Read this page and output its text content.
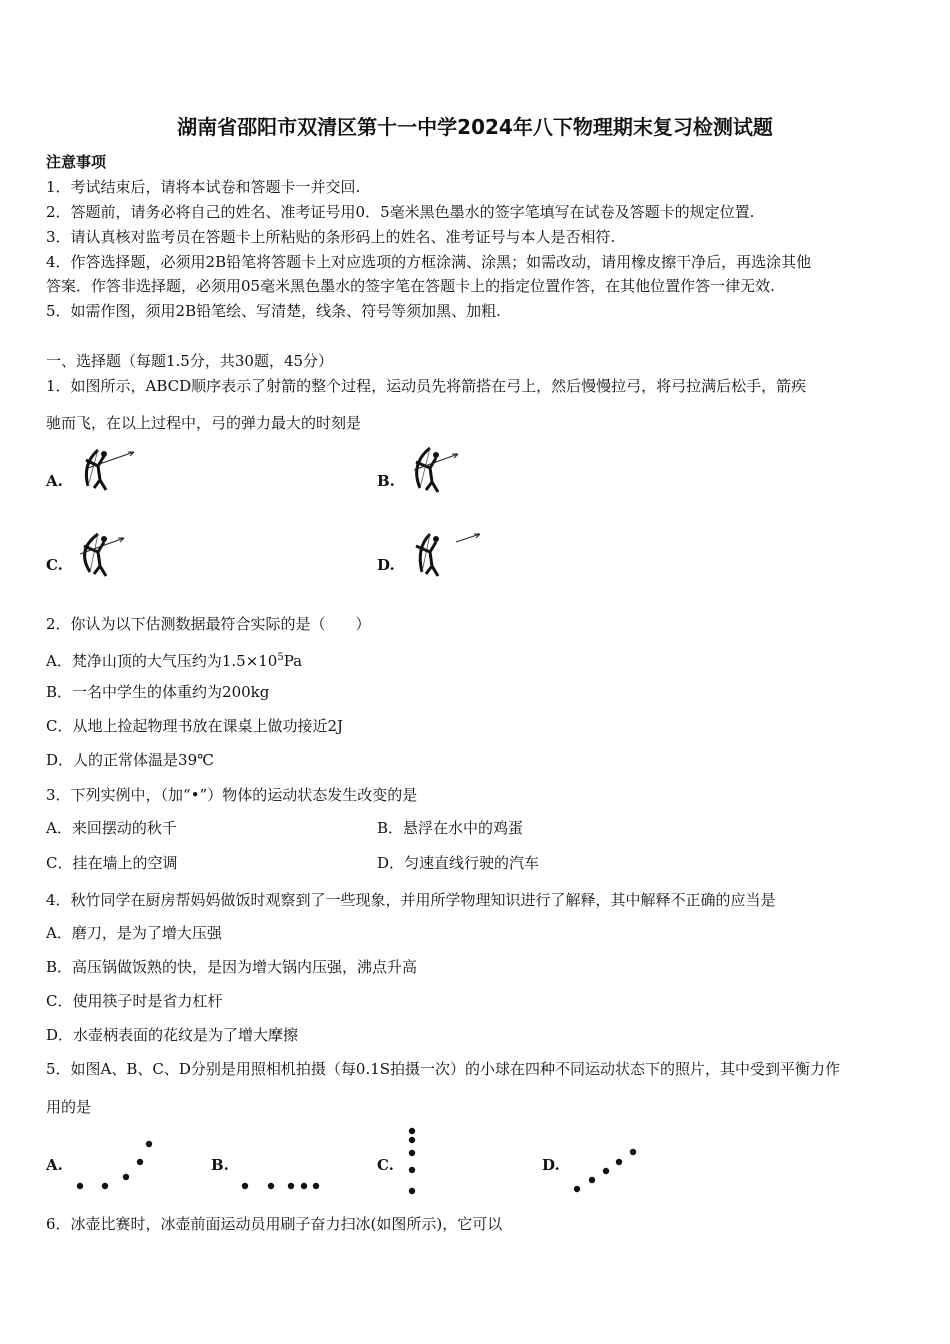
湖南省邵阳市双清区第十一中学2024年八下物理期末复习检测试题
注意事项
1．考试结束后，请将本试卷和答题卡一并交回.
2．答题前，请务必将自己的姓名、准考证号用0．5毫米黑色墨水的签字笔填写在试卷及答题卡的规定位置.
3．请认真核对监考员在答题卡上所粘贴的条形码上的姓名、准考证号与本人是否相符.
4．作答选择题，必须用2B铅笔将答题卡上对应选项的方框涂满、涂黑；如需改动，请用橡皮擦干净后，再选涂其他
答案．作答非选择题，必须用05毫米黑色墨水的签字笔在答题卡上的指定位置作答，在其他位置作答一律无效.
5．如需作图，须用2B铅笔绘、写清楚，线条、符号等须加黑、加粗.
一、选择题（每题1.5分，共30题，45分）
1．如图所示，ABCD顺序表示了射箭的整个过程，运动员先将箭搭在弓上，然后慢慢拉弓，将弓拉满后松手，箭疾
驰而飞，在以上过程中，弓的弹力最大的时刻是
A.	B.
C.	D.
2．你认为以下估测数据最符合实际的是（　　）
A．梵净山顶的大气压约为$1.5\times 10^5Pa$
B．一名中学生的体重约为200kg
C．从地上捡起物理书放在课桌上做功接近2J
D．人的正常体温是39℃
3．下列实例中，（加“•”）物体的运动状态发生改变的是
A．来回摆动的秋千	B．悬浮在水中的鸡蛋
C．挂在墙上的空调	D．匀速直线行驶的汽车
4．秋竹同学在厨房帮妈妈做饭时观察到了一些现象，并用所学物理知识进行了解释，其中解释不正确的应当是
A．磨刀，是为了增大压强
B．高压锅做饭熟的快，是因为增大锅内压强，沸点升高
C．使用筷子时是省力杠杆
D．水壶柄表面的花纹是为了增大摩擦
5．如图A、B、C、D分别是用照相机拍摄（每0.1S拍摄一次）的小球在四种不同运动状态下的照片，其中受到平衡力作
用的是
A.	B.	C.	D.
6．冰壶比赛时，冰壶前面运动员用刷子奋力扫冰(如图所示)，它可以
